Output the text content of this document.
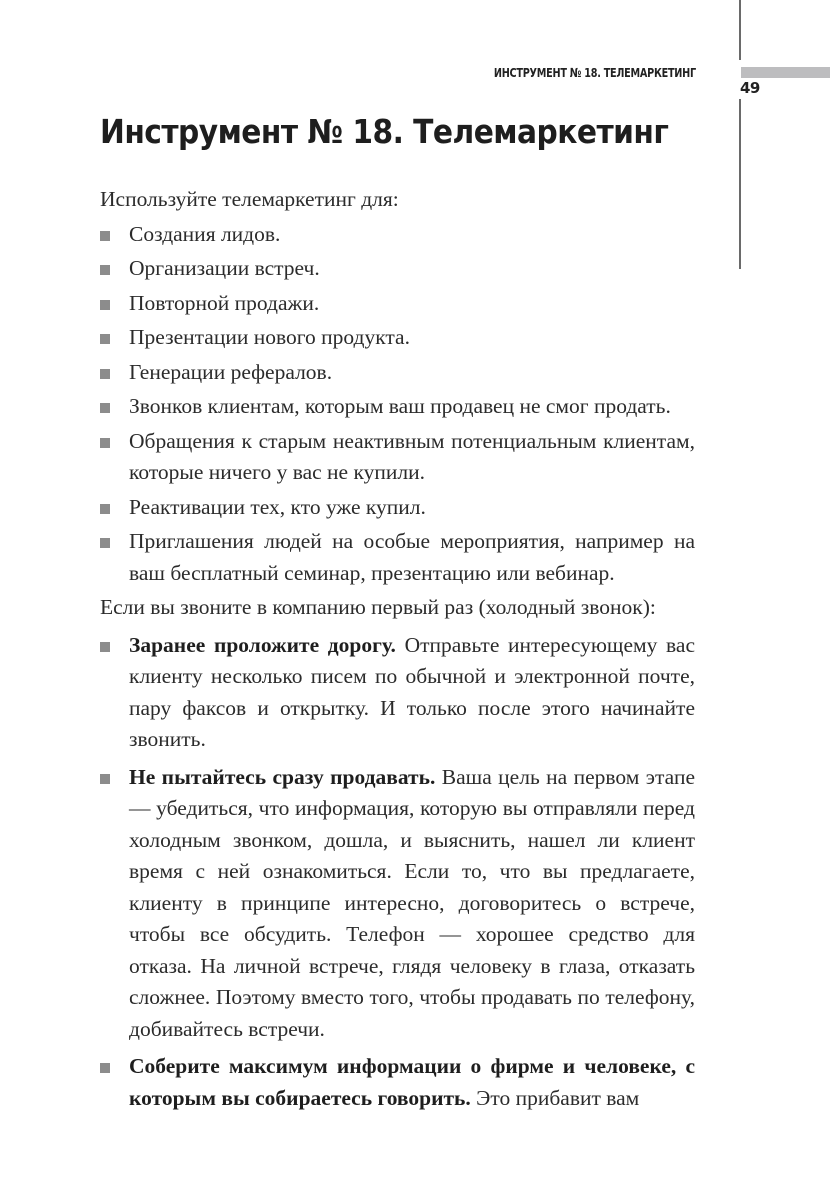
49
ИНСТРУМЕНТ № 18. ТЕЛЕМАРКЕТИНГ
Инструмент № 18. Телемаркетинг

Используйте телемаркетинг для:

Создания лидов.
Организации встреч.
Повторной продажи.
Презентации нового продукта.
Генерации рефералов.
Звонков клиентам, которым ваш продавец не смог продать.
Обращения к старым неактивным потенциальным клиентам, которые ничего у вас не купили.
Реактивации тех, кто уже купил.
Приглашения людей на особые мероприятия, например на ваш бесплатный семинар, презентацию или вебинар.

Если вы звоните в компанию первый раз (холодный звонок):

Заранее проложите дорогу. Отправьте интересующему вас клиенту несколько писем по обычной и электронной почте, пару факсов и открытку. И только после этого начинайте звонить.
Не пытайтесь сразу продавать. Ваша цель на первом этапе — убедиться, что информация, которую вы отправляли перед холодным звонком, дошла, и выяснить, нашел ли клиент время с ней ознакомиться. Если то, что вы предлагаете, клиенту в принципе интересно, договоритесь о встрече, чтобы все обсудить. Телефон — хорошее средство для отказа. На личной встрече, глядя человеку в глаза, отказать сложнее. Поэтому вместо того, чтобы продавать по телефону, добивайтесь встречи.
Соберите максимум информации о фирме и человеке, с которым вы собираетесь говорить. Это прибавит вам
